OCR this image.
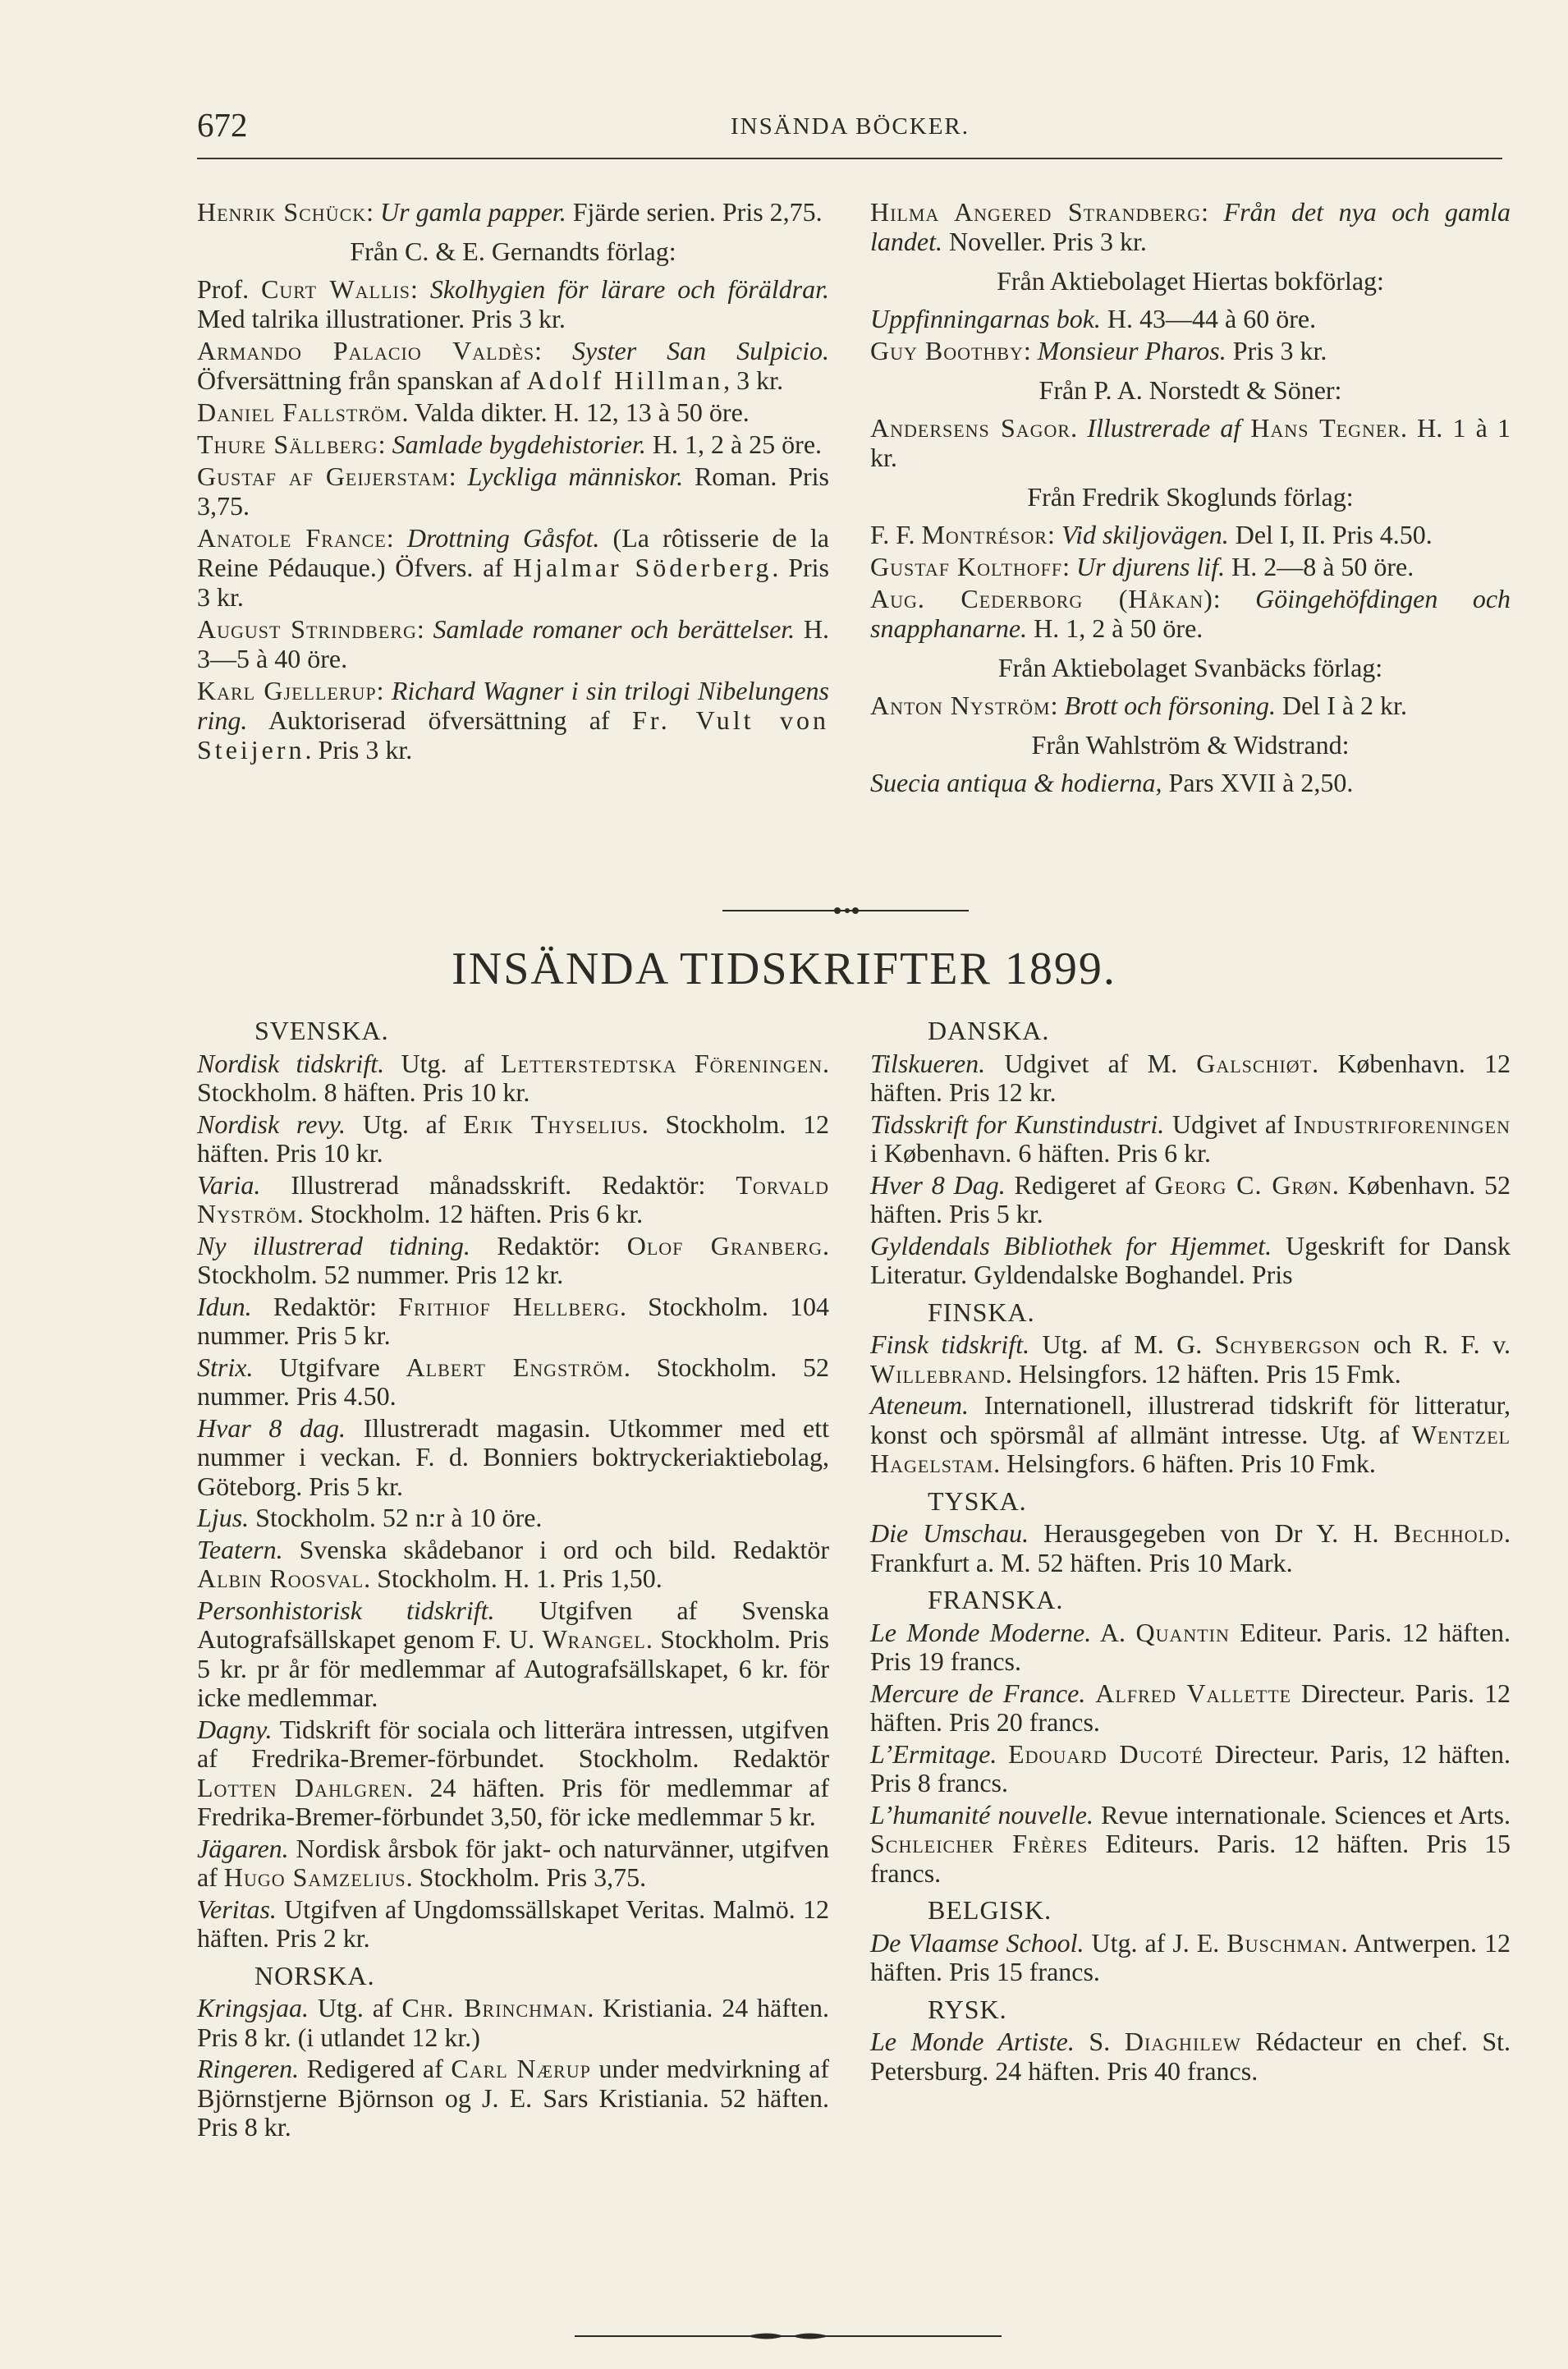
672	INSÄNDA BÖCKER.
Henrik Schück: Ur gamla papper. Fjärde serien. Pris 2,75.
Från C. & E. Gernandts förlag:
Prof. Curt Wallis: Skolhygien för lärare och föräldrar. Med talrika illustrationer. Pris 3 kr.
Armando Palacio Valdès: Syster San Sulpicio. Öfversättning från spanskan af Adolf Hillman, 3 kr.
Daniel Fallström. Valda dikter. H. 12, 13 à 50 öre.
Thure Sällberg: Samlade bygdehistorier. H. 1, 2 à 25 öre.
Gustaf af Geijerstam: Lyckliga människor. Roman. Pris 3,75.
Anatole France: Drottning Gåsfot. (La rôtisserie de la Reine Pédauque.) Öfvers. af Hjalmar Söderberg. Pris 3 kr.
August Strindberg: Samlade romaner och berättelser. H. 3—5 à 40 öre.
Karl Gjellerup: Richard Wagner i sin trilogi Nibelungens ring. Auktoriserad öfversättning af Fr. Vult von Steijern. Pris 3 kr.
Hilma Angered Strandberg: Från det nya och gamla landet. Noveller. Pris 3 kr.
Från Aktiebolaget Hiertas bokförlag:
Uppfinningarnas bok. H. 43—44 à 60 öre.
Guy Boothby: Monsieur Pharos. Pris 3 kr.
Från P. A. Norstedt & Söner:
Andersens Sagor. Illustrerade af Hans Tegner. H. 1 à 1 kr.
Från Fredrik Skoglunds förlag:
F. F. Montrésor: Vid skiljovägen. Del I, II. Pris 4.50.
Gustaf Kolthoff: Ur djurens lif. H. 2—8 à 50 öre.
Aug. Cederborg (Håkan): Göingehöfdingen och snapphanarne. H. 1, 2 à 50 öre.
Från Aktiebolaget Svanbäcks förlag:
Anton Nyström: Brott och försoning. Del I à 2 kr.
Från Wahlström & Widstrand:
Suecia antiqua & hodierna, Pars XVII à 2,50.
INSÄNDA TIDSKRIFTER 1899.
SVENSKA.
Nordisk tidskrift. Utg. af Letterstedtska Föreningen. Stockholm. 8 häften. Pris 10 kr.
Nordisk revy. Utg. af Erik Thyselius. Stockholm. 12 häften. Pris 10 kr.
Varia. Illustrerad månadsskrift. Redaktör: Torvald Nyström. Stockholm. 12 häften. Pris 6 kr.
Ny illustrerad tidning. Redaktör: Olof Granberg. Stockholm. 52 nummer. Pris 12 kr.
Idun. Redaktör: Frithiof Hellberg. Stockholm. 104 nummer. Pris 5 kr.
Strix. Utgifvare Albert Engström. Stockholm. 52 nummer. Pris 4.50.
Hvar 8 dag. Illustreradt magasin. Utkommer med ett nummer i veckan. F. d. Bonniers boktryckeriaktiebolag, Göteborg. Pris 5 kr.
Ljus. Stockholm. 52 n:r à 10 öre.
Teatern. Svenska skådebanor i ord och bild. Redaktör Albin Roosval. Stockholm. H. 1. Pris 1,50.
Personhistorisk tidskrift. Utgifven af Svenska Autografsällskapet genom F. U. Wrangel. Stockholm. Pris 5 kr. pr år för medlemmar af Autografsällskapet, 6 kr. för icke medlemmar.
Dagny. Tidskrift för sociala och litterära intressen, utgifven af Fredrika-Bremer-förbundet. Stockholm. Redaktör Lotten Dahlgren. 24 häften. Pris för medlemmar af Fredrika-Bremer-förbundet 3,50, för icke medlemmar 5 kr.
Jägaren. Nordisk årsbok för jakt- och naturvänner, utgifven af Hugo Samzelius. Stockholm. Pris 3,75.
Veritas. Utgifven af Ungdomssällskapet Veritas. Malmö. 12 häften. Pris 2 kr.
NORSKA.
Kringsjaa. Utg. af Chr. Brinchman. Kristiania. 24 häften. Pris 8 kr. (i utlandet 12 kr.)
Ringeren. Redigered af Carl Nærup under medvirkning af Björnstjerne Björnson og J. E. Sars Kristiania. 52 häften. Pris 8 kr.
DANSKA.
Tilskueren. Udgivet af M. Galschiøt. København. 12 häften. Pris 12 kr.
Tidsskrift for Kunstindustri. Udgivet af Industriforeningen i København. 6 häften. Pris 6 kr.
Hver 8 Dag. Redigeret af Georg C. Grøn. København. 52 häften. Pris 5 kr.
Gyldendals Bibliothek for Hjemmet. Ugeskrift for Dansk Literatur. Gyldendalske Boghandel. Pris
FINSKA.
Finsk tidskrift. Utg. af M. G. Schybergson och R. F. v. Willebrand. Helsingfors. 12 häften. Pris 15 Fmk.
Ateneum. Internationell, illustrerad tidskrift för litteratur, konst och spörsmål af allmänt intresse. Utg. af Wentzel Hagelstam. Helsingfors. 6 häften. Pris 10 Fmk.
TYSKA.
Die Umschau. Herausgegeben von Dr Y. H. Bechhold. Frankfurt a. M. 52 häften. Pris 10 Mark.
FRANSKA.
Le Monde Moderne. A. Quantin Editeur. Paris. 12 häften. Pris 19 francs.
Mercure de France. Alfred Vallette Directeur. Paris. 12 häften. Pris 20 francs.
L’Ermitage. Edouard Ducoté Directeur. Paris, 12 häften. Pris 8 francs.
L’humanité nouvelle. Revue internationale. Sciences et Arts. Schleicher Frères Editeurs. Paris. 12 häften. Pris 15 francs.
BELGISK.
De Vlaamse School. Utg. af J. E. Buschman. Antwerpen. 12 häften. Pris 15 francs.
RYSK.
Le Monde Artiste. S. Diaghilew Rédacteur en chef. St. Petersburg. 24 häften. Pris 40 francs.
